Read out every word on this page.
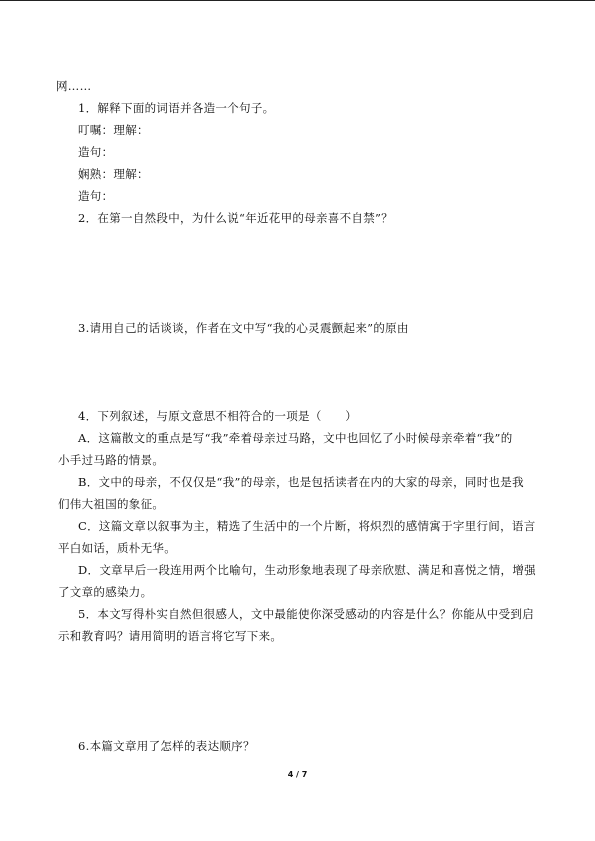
网……
1．解释下面的词语并各造一个句子。
叮嘱：理解：
造句：
娴熟：理解：
造句：
2．在第一自然段中，为什么说“年近花甲的母亲喜不自禁”？
3.请用自己的话谈谈，作者在文中写“我的心灵震颤起来”的原由
4．下列叙述，与原文意思不相符合的一项是（　　）
A．这篇散文的重点是写“我”牵着母亲过马路，文中也回忆了小时候母亲牵着“我”的
小手过马路的情景。
B．文中的母亲，不仅仅是“我”的母亲，也是包括读者在内的大家的母亲，同时也是我
们伟大祖国的象征。
C．这篇文章以叙事为主，精选了生活中的一个片断，将炽烈的感情寓于字里行间，语言
平白如话，质朴无华。
D．文章早后一段连用两个比喻句，生动形象地表现了母亲欣慰、满足和喜悦之情，增强
了文章的感染力。
5．本文写得朴实自然但很感人，文中最能使你深受感动的内容是什么？你能从中受到启
示和教育吗？请用简明的语言将它写下来。
6.本篇文章用了怎样的表达顺序？
4 / 7
